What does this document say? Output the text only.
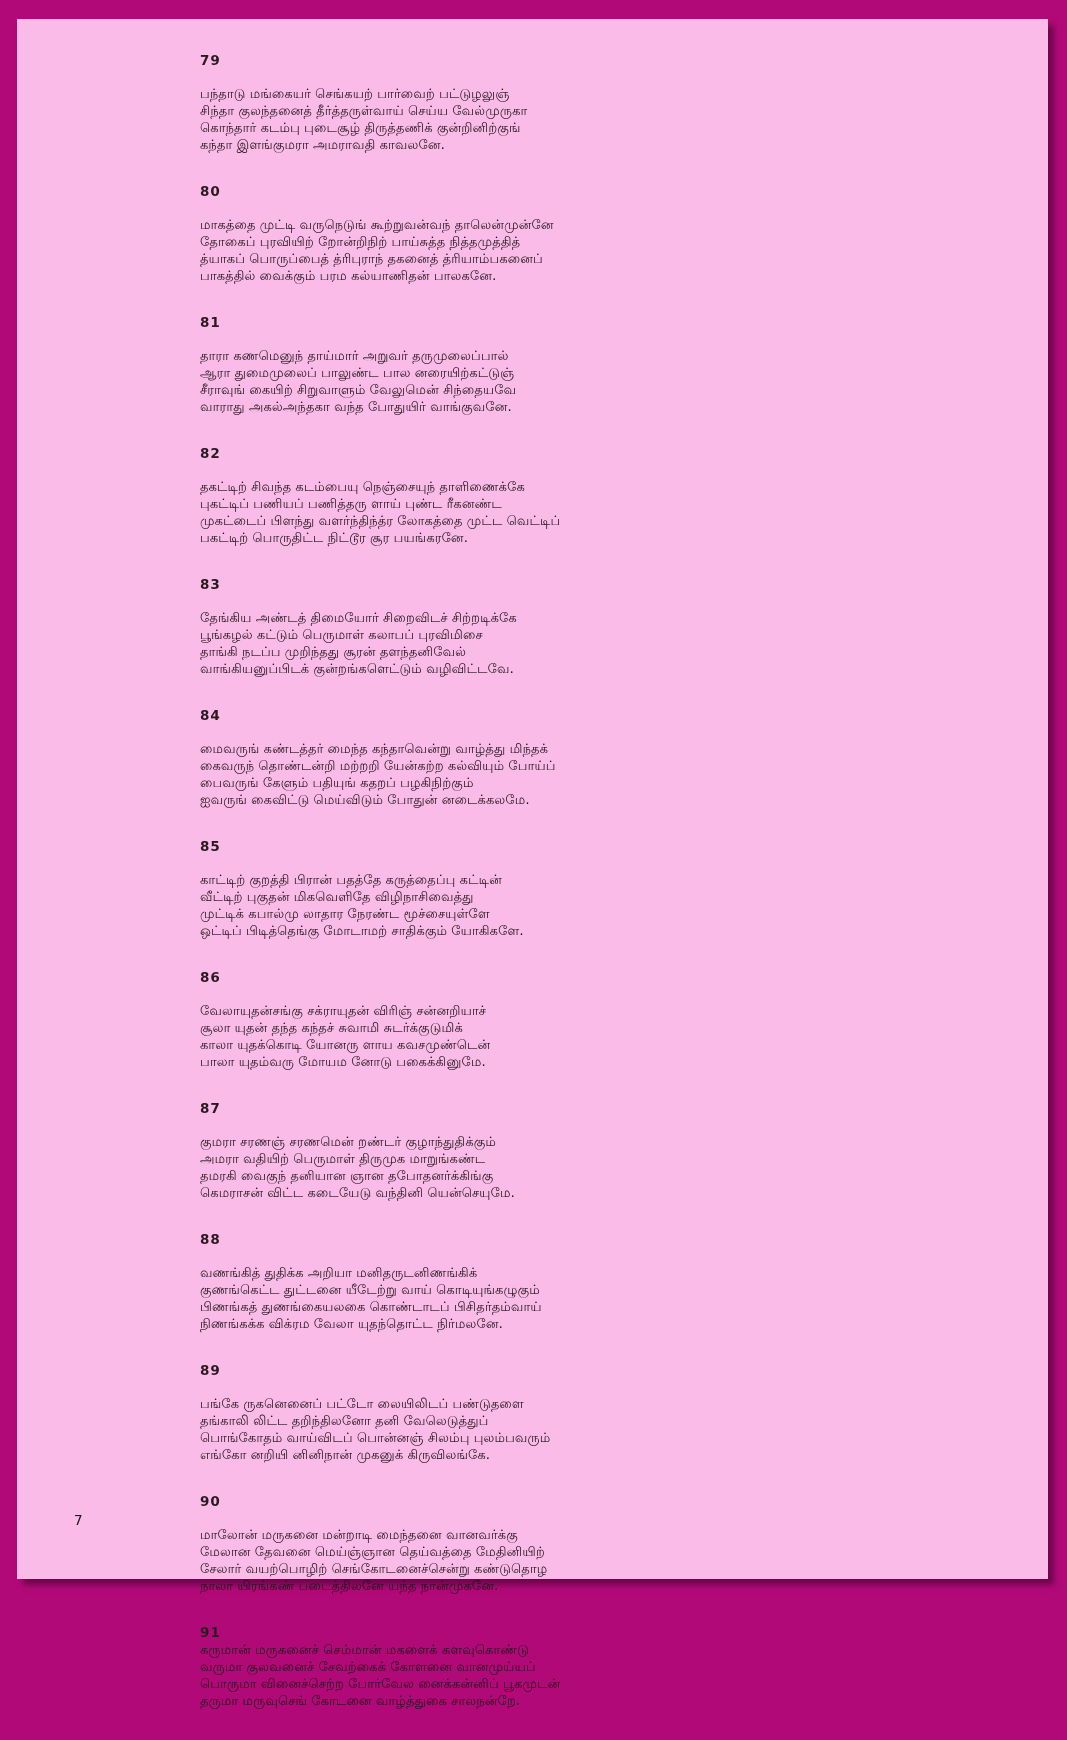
79
பந்தாடு மங்கையர் செங்கயற் பார்வைற் பட்டுழலுஞ்
சிந்தா குலந்தனைத் தீர்த்தருள்வாய் செய்ய வேல்முருகா
கொந்தார் கடம்பு புடைசூழ் திருத்தணிக் குன்றினிற்குங்
கந்தா இளங்குமரா அமராவதி காவலனே.
80
மாகத்தை முட்டி வருநெடுங் கூற்றுவன்வந் தாலென்முன்னே
தோகைப் புரவியிற் றோன்றிநிற் பாய்சுத்த நித்தமுத்தித்
த்யாகப் பொருப்பைத் த்ரிபுராந் தகனைத் த்ரியாம்பகனைப்
பாகத்தில் வைக்கும் பரம கல்யாணிதன் பாலகனே.
81
தாரா கணமெனுந் தாய்மார் அறுவர் தருமுலைப்பால்
ஆரா துமைமுலைப் பாலுண்ட பால னரையிற்கட்டுஞ்
சீராவுங் கையிற் சிறுவாளும் வேலுமென் சிந்தையவே
வாராது அகல்அந்தகா வந்த போதுயிர் வாங்குவனே.
82
தகட்டிற் சிவந்த கடம்பையு நெஞ்சையுந் தாளிணைக்கே
புகட்டிப் பணியப் பணித்தரு ளாய் புண்ட ரீகனண்ட
முகட்டைப் பிளந்து வளர்ந்திந்த்ர லோகத்தை முட்ட வெட்டிப்
பகட்டிற் பொருதிட்ட நிட்டூர சூர பயங்கரனே.
83
தேங்கிய அண்டத் திமையோர் சிறைவிடச் சிற்றடிக்கே
பூங்கழல் கட்டும் பெருமாள் கலாபப் புரவிமிசை
தாங்கி நடப்ப முறிந்தது சூரன் தளந்தனிவேல்
வாங்கியனுப்பிடக் குன்றங்களெட்டும் வழிவிட்டவே.
84
மைவருங் கண்டத்தர் மைந்த கந்தாவென்று வாழ்த்து மிந்தக்
கைவருந் தொண்டன்றி மற்றறி யேன்கற்ற கல்வியும் போய்ப்
பைவருங் கேளும் பதியுங் கதறப் பழகிநிற்கும்
ஐவருங் கைவிட்டு மெய்விடும் போதுன் னடைக்கலமே.
85
காட்டிற் குறத்தி பிரான் பதத்தே கருத்தைப்பு கட்டின்
வீட்டிற் புகுதன் மிகவெளிதே விழிநாசிவைத்து
முட்டிக் கபால்மு லாதார நேரண்ட மூச்சையுள்ளே
ஒட்டிப் பிடித்தெங்கு மோடாமற் சாதிக்கும் யோகிகளே.
86
வேலாயுதன்சங்கு சக்ராயுதன் விரிஞ் சன்னறியாச்
சூலா யுதன் தந்த கந்தச் சுவாமி சுடர்க்குடுமிக்
காலா யுதக்கொடி யோனரு ளாய கவசமுண்டென்
பாலா யுதம்வரு மோயம னோடு பகைக்கினுமே.
87
குமரா சரணஞ் சரணமென் றண்டர் குழாந்துதிக்கும்
அமரா வதியிற் பெருமாள் திருமுக மாறுங்கண்ட
தமரகி வைகுந் தனியான ஞான தபோதனர்க்கிங்கு
கெமராசன் விட்ட கடையேடு வந்தினி யென்செயுமே.
88
வணங்கித் துதிக்க அறியா மனிதருடனிணங்கிக்
குணங்கெட்ட துட்டனை யீடேற்று வாய் கொடியுங்கழுகும்
பிணங்கத் துணங்கையலகை கொண்டாடப் பிசிதர்தம்வாய்
நிணங்கக்க விக்ரம வேலா யுதந்தொட்ட நிர்மலனே.
89
பங்கே ருகனெனைப் பட்டோ லையிலிடப் பண்டுதளை
தங்காலி லிட்ட தறிந்திலனோ தனி வேலெடுத்துப்
பொங்கோதம் வாய்விடப் பொன்னஞ் சிலம்பு புலம்பவரும்
எங்கோ னறியி னினிநான் முகனுக் கிருவிலங்கே.
90
மாலோன் மருகனை மன்றாடி மைந்தனை வானவர்க்கு
மேலான தேவனை மெய்ஞ்ஞான தெய்வத்தை மேதினியிற்
சேலார் வயற்பொழிற் செங்கோடனைச்சென்று கண்டுதொழ
நாலா யிரங்கண் படைத்திலனே யந்த நான்முகனே.
91
கருமான் மருகனைச் செம்மான் மகளைக் களவுகொண்டு
வருமா குலவனைச் சேவற்கைக் கோளனை வானமுய்யப்
பொருமா வினைச்செற்ற போர்வேல னைக்கன்னிப் பூகமுடன்
தருமா மருவுசெங் கோடனை வாழ்த்துகை சாலநன்றே.
7
